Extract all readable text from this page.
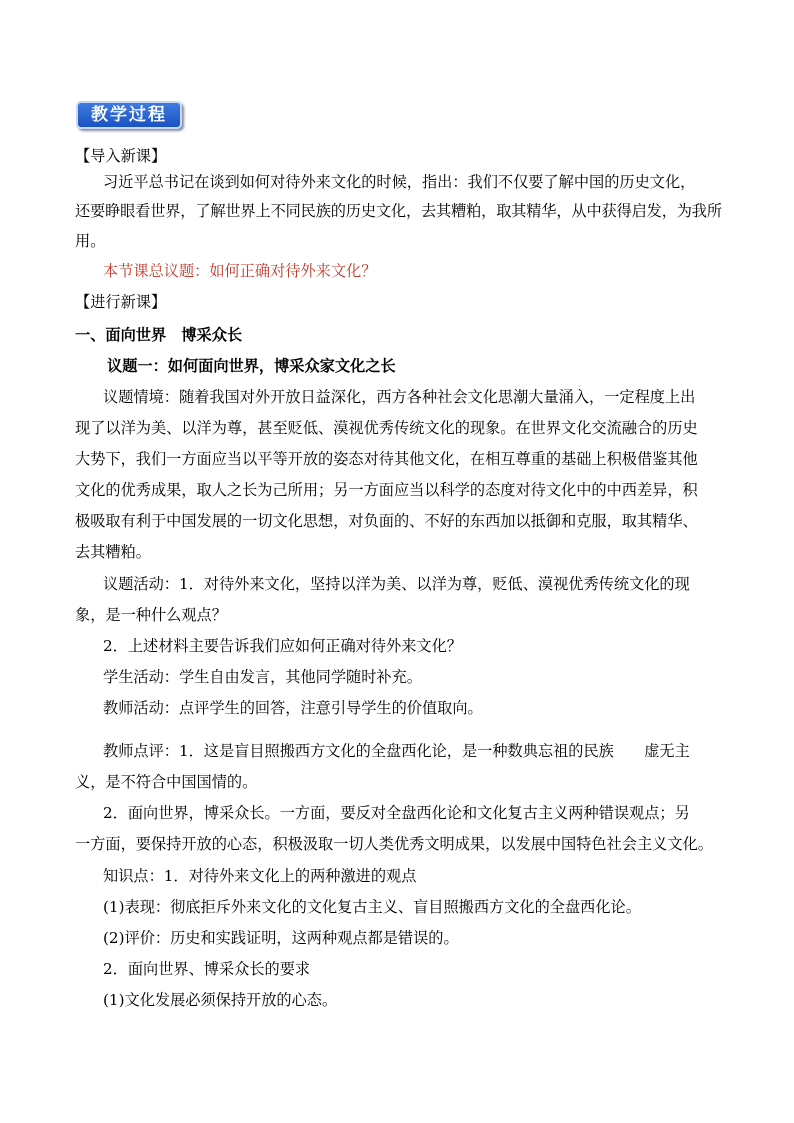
教学过程
【导入新课】
习近平总书记在谈到如何对待外来文化的时候，指出：我们不仅要了解中国的历史文化，
还要睁眼看世界，了解世界上不同民族的历史文化，去其糟粕，取其精华，从中获得启发，为我所
用。
本节课总议题：如何正确对待外来文化？
【进行新课】
一、面向世界　博采众长
议题一：如何面向世界，博采众家文化之长
议题情境：随着我国对外开放日益深化，西方各种社会文化思潮大量涌入，一定程度上出
现了以洋为美、以洋为尊，甚至贬低、漠视优秀传统文化的现象。在世界文化交流融合的历史
大势下，我们一方面应当以平等开放的姿态对待其他文化，在相互尊重的基础上积极借鉴其他
文化的优秀成果，取人之长为己所用；另一方面应当以科学的态度对待文化中的中西差异，积
极吸取有利于中国发展的一切文化思想，对负面的、不好的东西加以抵御和克服，取其精华、
去其糟粕。
议题活动：1．对待外来文化，坚持以洋为美、以洋为尊，贬低、漠视优秀传统文化的现
象，是一种什么观点？
2．上述材料主要告诉我们应如何正确对待外来文化？
学生活动：学生自由发言，其他同学随时补充。
教师活动：点评学生的回答，注意引导学生的价值取向。
教师点评：1．这是盲目照搬西方文化的全盘西化论，是一种数典忘祖的民族　　虚无主
义，是不符合中国国情的。
2．面向世界，博采众长。一方面，要反对全盘西化论和文化复古主义两种错误观点；另
一方面，要保持开放的心态，积极汲取一切人类优秀文明成果，以发展中国特色社会主义文化。
知识点：1．对待外来文化上的两种激进的观点
(1)表现：彻底拒斥外来文化的文化复古主义、盲目照搬西方文化的全盘西化论。
(2)评价：历史和实践证明，这两种观点都是错误的。
2．面向世界、博采众长的要求
(1)文化发展必须保持开放的心态。
